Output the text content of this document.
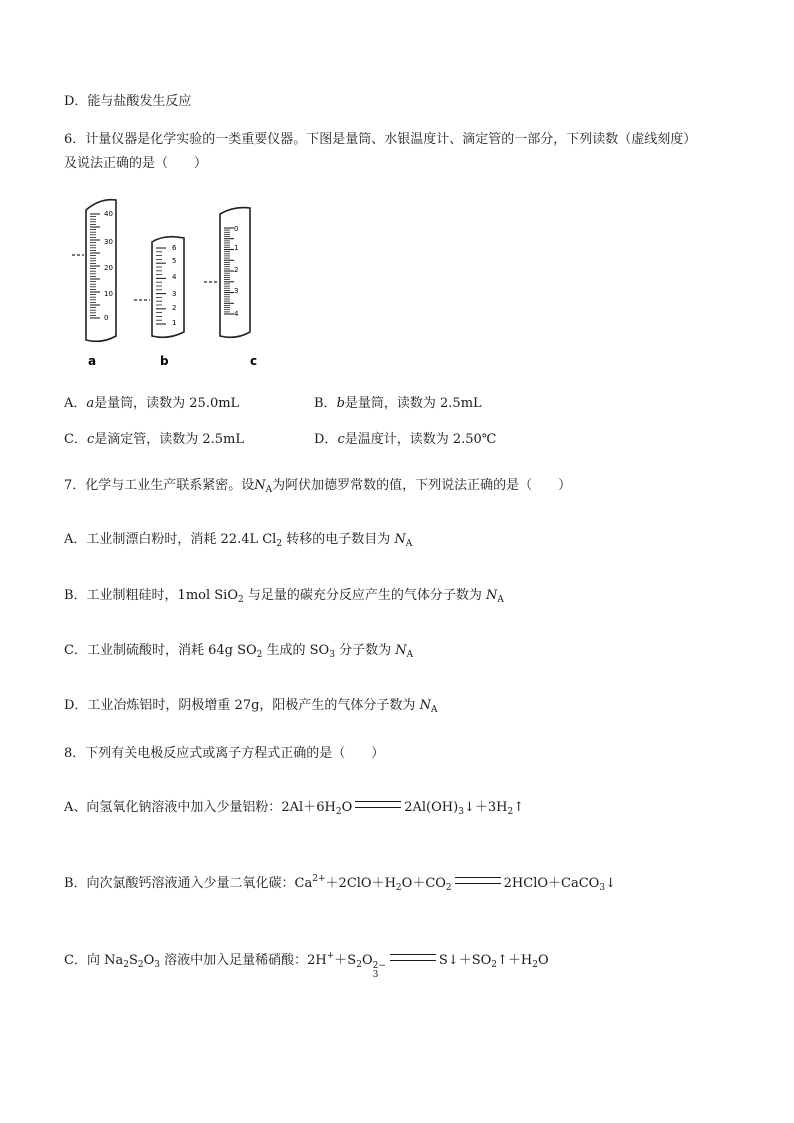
D．能与盐酸发生反应
6．计量仪器是化学实验的一类重要仪器。下图是量筒、水银温度计、滴定管的一部分，下列读数（虚线刻度）
及说法正确的是（　　）
40
30
20
10
0
a
6
5
4
3
2
1
b
0
1
2
3
4
c
A．a是量筒，读数为 25.0mL	B．b是量筒，读数为 2.5mL
C．c是滴定管，读数为 2.5mL	D．c是温度计，读数为 2.50℃
7．化学与工业生产联系紧密。设$N_A$为阿伏加德罗常数的值，下列说法正确的是（　　）
A．工业制漂白粉时，消耗 22.4L $Cl_2$ 转移的电子数目为 $N_A$
B．工业制粗硅时，1mol SiO$_2$ 与足量的碳充分反应产生的气体分子数为 $N_A$
C．工业制硫酸时，消耗 64g $SO_2$ 生成的 $SO_3$ 分子数为 $N_A$
D．工业冶炼铝时，阴极增重 27g，阳极产生的气体分子数为 $N_A$
8．下列有关电极反应式或离子方程式正确的是（　　）
A、向氢氧化钠溶液中加入少量铝粉：$2Al+6H_2O$	$2Al(OH)_3↓+3H_2↑$
B．向次氯酸钙溶液通入少量二氧化碳：$Ca^{2+}+2ClO+H_2O+CO_2$	2HClO＋CaCO$_3$↓
C．向 $Na_2S_2O_3$ 溶液中加入足量稀硝酸：$2H^++S_2O$ 2−
3
$S↓+SO_2↑+H_2O$
